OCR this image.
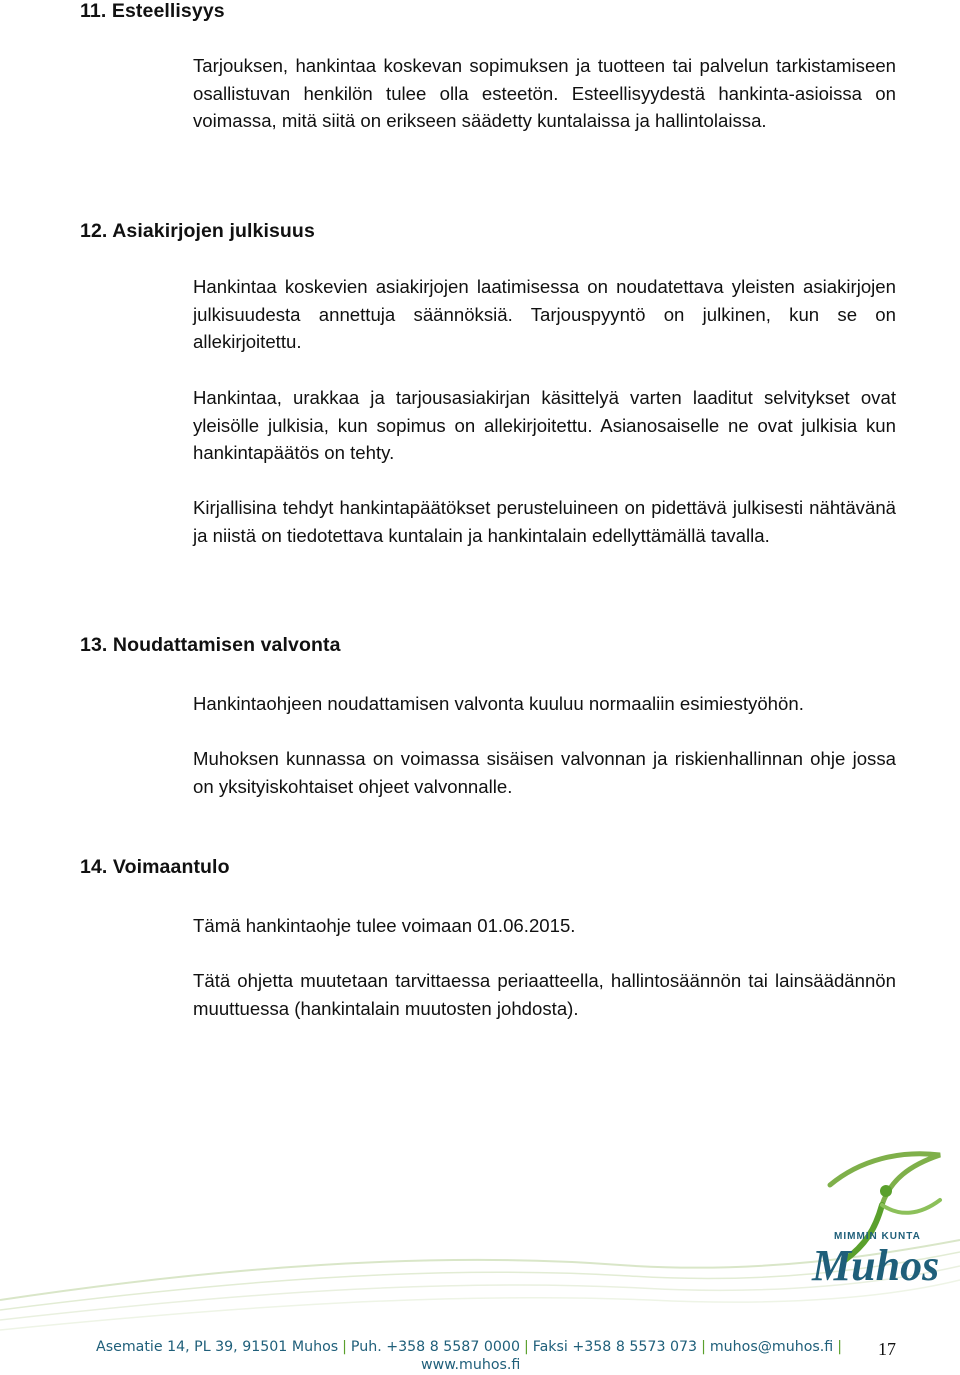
11. Esteellisyys

Tarjouksen, hankintaa koskevan sopimuksen ja tuotteen tai palvelun tarkistamiseen osallistuvan henkilön tulee olla esteetön. Esteellisyydestä hankinta-asioissa on voimassa, mitä siitä on erikseen säädetty kuntalaissa ja hallintolaissa.

12. Asiakirjojen julkisuus

Hankintaa koskevien asiakirjojen laatimisessa on noudatettava yleisten asiakirjojen julkisuudesta annettuja säännöksiä. Tarjouspyyntö on julkinen, kun se on allekirjoitettu.

Hankintaa, urakkaa ja tarjousasiakirjan käsittelyä varten laaditut selvitykset ovat yleisölle julkisia, kun sopimus on allekirjoitettu. Asianosaiselle ne ovat julkisia kun hankintapäätös on tehty.

Kirjallisina tehdyt hankintapäätökset perusteluineen on pidettävä julkisesti nähtävänä ja niistä on tiedotettava kuntalain ja hankintalain edellyttämällä tavalla.

13. Noudattamisen valvonta

Hankintaohjeen noudattamisen valvonta kuuluu normaaliin esimiestyöhön.

Muhoksen kunnassa on voimassa sisäisen valvonnan ja riskienhallinnan ohje jossa on yksityiskohtaiset ohjeet valvonnalle.

14. Voimaantulo

Tämä hankintaohje tulee voimaan 01.06.2015.

Tätä ohjetta muutetaan tarvittaessa periaatteella, hallintosäännön tai lainsäädännön muuttuessa (hankintalain muutosten johdosta).

Muhos
MIMMIN KUNTA
Asematie 14, PL 39, 91501 Muhos | Puh. +358 8 5587 0000 | Faksi +358 8 5573 073 | muhos@muhos.fi |
www.muhos.fi
17
